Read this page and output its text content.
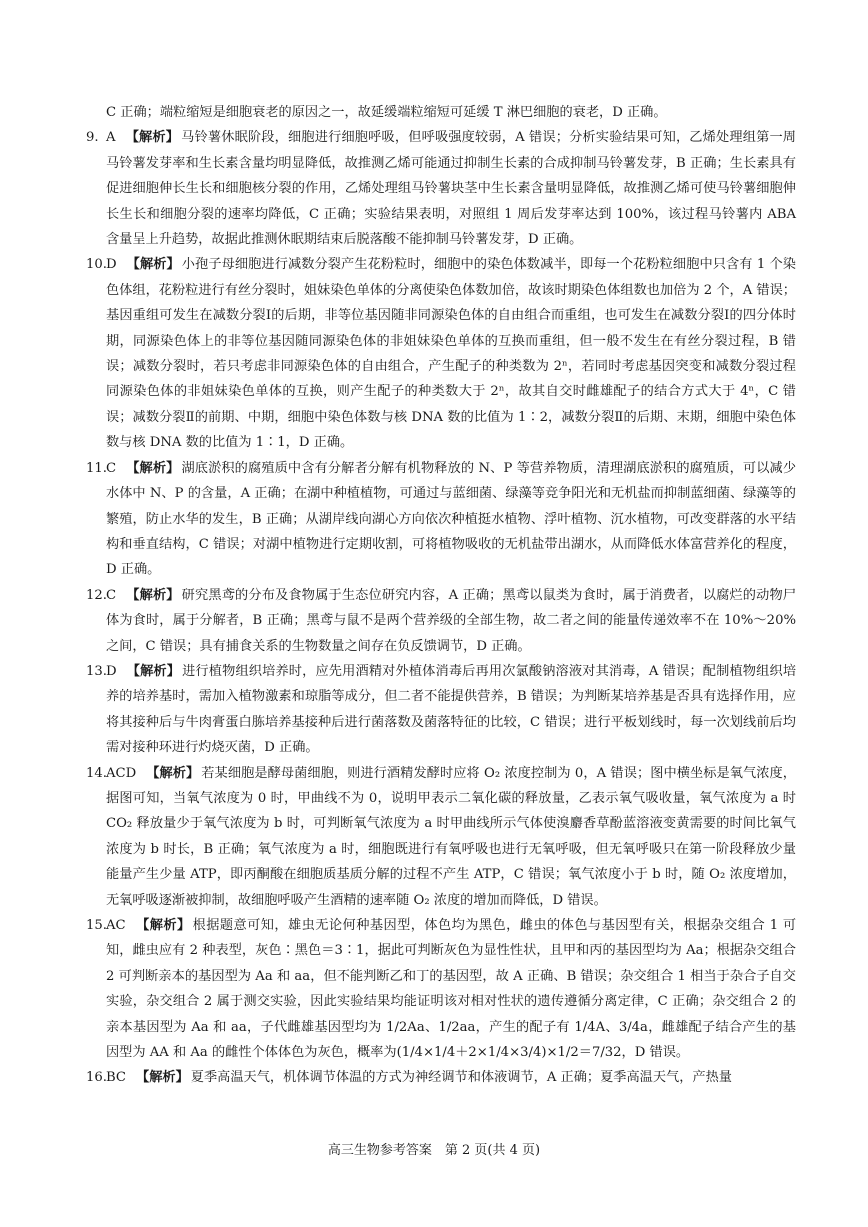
C 正确；端粒缩短是细胞衰老的原因之一，故延缓端粒缩短可延缓 T 淋巴细胞的衰老，D 正确。

9. A 【解析】 马铃薯休眠阶段，细胞进行细胞呼吸，但呼吸强度较弱，A 错误；分析实验结果可知，乙烯处理组第一周马铃薯发芽率和生长素含量均明显降低，故推测乙烯可能通过抑制生长素的合成抑制马铃薯发芽，B 正确；生长素具有促进细胞伸长生长和细胞核分裂的作用，乙烯处理组马铃薯块茎中生长素含量明显降低，故推测乙烯可使马铃薯细胞伸长生长和细胞分裂的速率均降低，C 正确；实验结果表明，对照组 1 周后发芽率达到 100%，该过程马铃薯内 ABA 含量呈上升趋势，故据此推测休眠期结束后脱落酸不能抑制马铃薯发芽，D 正确。
10. D 【解析】 小孢子母细胞进行减数分裂产生花粉粒时，细胞中的染色体数减半，即每一个花粉粒细胞中只含有 1 个染色体组，花粉粒进行有丝分裂时，姐妹染色单体的分离使染色体数加倍，故该时期染色体组数也加倍为 2 个，A 错误；基因重组可发生在减数分裂Ⅰ的后期，非等位基因随非同源染色体的自由组合而重组，也可发生在减数分裂Ⅰ的四分体时期，同源染色体上的非等位基因随同源染色体的非姐妹染色单体的互换而重组，但一般不发生在有丝分裂过程，B 错误；减数分裂时，若只考虑非同源染色体的自由组合，产生配子的种类数为 2ⁿ，若同时考虑基因突变和减数分裂过程同源染色体的非姐妹染色单体的互换，则产生配子的种类数大于 2ⁿ，故其自交时雌雄配子的结合方式大于 4ⁿ，C 错误；减数分裂Ⅱ的前期、中期，细胞中染色体数与核 DNA 数的比值为 1∶2，减数分裂Ⅱ的后期、末期，细胞中染色体数与核 DNA 数的比值为 1∶1，D 正确。
11. C 【解析】 湖底淤积的腐殖质中含有分解者分解有机物释放的 N、P 等营养物质，清理湖底淤积的腐殖质，可以减少水体中 N、P 的含量，A 正确；在湖中种植植物，可通过与蓝细菌、绿藻等竞争阳光和无机盐而抑制蓝细菌、绿藻等的繁殖，防止水华的发生，B 正确；从湖岸线向湖心方向依次种植挺水植物、浮叶植物、沉水植物，可改变群落的水平结构和垂直结构，C 错误；对湖中植物进行定期收割，可将植物吸收的无机盐带出湖水，从而降低水体富营养化的程度，D 正确。
12. C 【解析】 研究黑鸢的分布及食物属于生态位研究内容，A 正确；黑鸢以鼠类为食时，属于消费者，以腐烂的动物尸体为食时，属于分解者，B 正确；黑鸢与鼠不是两个营养级的全部生物，故二者之间的能量传递效率不在 10%～20%之间，C 错误；具有捕食关系的生物数量之间存在负反馈调节，D 正确。
13. D 【解析】 进行植物组织培养时，应先用酒精对外植体消毒后再用次氯酸钠溶液对其消毒，A 错误；配制植物组织培养的培养基时，需加入植物激素和琼脂等成分，但二者不能提供营养，B 错误；为判断某培养基是否具有选择作用，应将其接种后与牛肉膏蛋白胨培养基接种后进行菌落数及菌落特征的比较，C 错误；进行平板划线时，每一次划线前后均需对接种环进行灼烧灭菌，D 正确。
14. ACD 【解析】 若某细胞是酵母菌细胞，则进行酒精发酵时应将 O₂ 浓度控制为 0，A 错误；图中横坐标是氧气浓度，据图可知，当氧气浓度为 0 时，甲曲线不为 0，说明甲表示二氧化碳的释放量，乙表示氧气吸收量，氧气浓度为 a 时 CO₂ 释放量少于氧气浓度为 b 时，可判断氧气浓度为 a 时甲曲线所示气体使溴麝香草酚蓝溶液变黄需要的时间比氧气浓度为 b 时长，B 正确；氧气浓度为 a 时，细胞既进行有氧呼吸也进行无氧呼吸，但无氧呼吸只在第一阶段释放少量能量产生少量 ATP，即丙酮酸在细胞质基质分解的过程不产生 ATP，C 错误；氧气浓度小于 b 时，随 O₂ 浓度增加，无氧呼吸逐渐被抑制，故细胞呼吸产生酒精的速率随 O₂ 浓度的增加而降低，D 错误。
15. AC 【解析】 根据题意可知，雄虫无论何种基因型，体色均为黑色，雌虫的体色与基因型有关，根据杂交组合 1 可知，雌虫应有 2 种表型，灰色∶黑色＝3∶1，据此可判断灰色为显性性状，且甲和丙的基因型均为 Aa；根据杂交组合 2 可判断亲本的基因型为 Aa 和 aa，但不能判断乙和丁的基因型，故 A 正确、B 错误；杂交组合 1 相当于杂合子自交实验，杂交组合 2 属于测交实验，因此实验结果均能证明该对相对性状的遗传遵循分离定律，C 正确；杂交组合 2 的亲本基因型为 Aa 和 aa，子代雌雄基因型均为 1/2Aa、1/2aa，产生的配子有 1/4A、3/4a，雌雄配子结合产生的基因型为 AA 和 Aa 的雌性个体体色为灰色，概率为(1/4×1/4＋2×1/4×3/4)×1/2＝7/32，D 错误。
16. BC 【解析】 夏季高温天气，机体调节体温的方式为神经调节和体液调节，A 正确；夏季高温天气，产热量
高三生物参考答案　第 2 页(共 4 页)
